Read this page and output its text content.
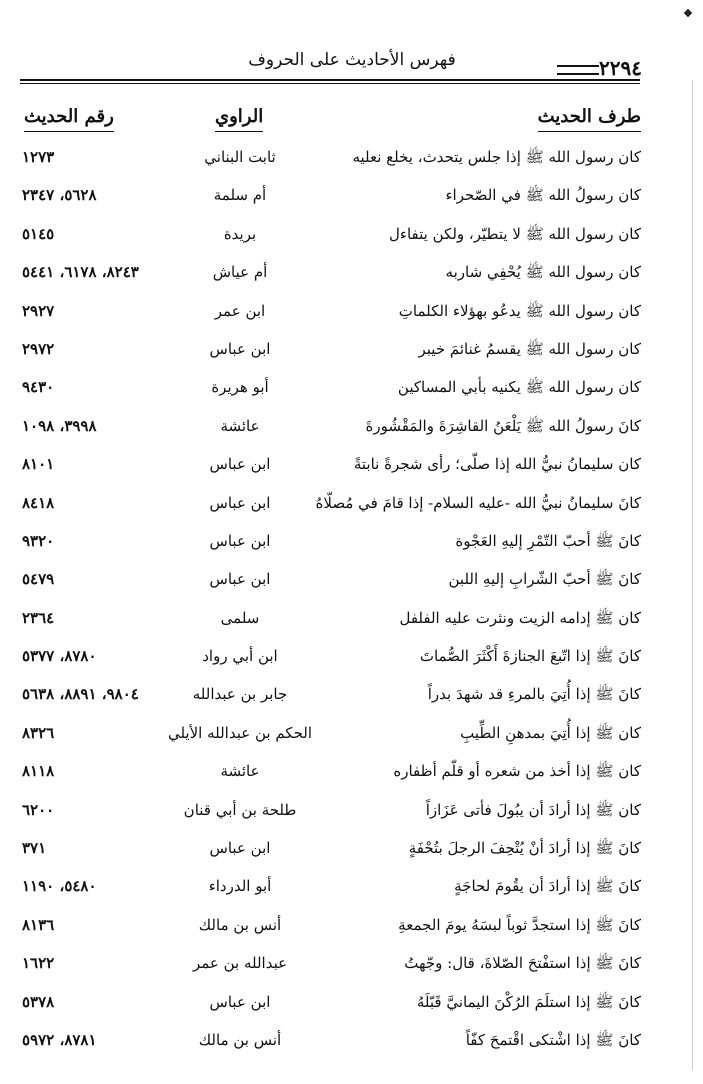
٢٢٩٤
فهرس الأحاديث على الحروف
طرف الحديث
الراوي
رقم الحديث
كان رسول الله ﷺ إذا جلس يتحدث، يخلع نعليه
ثابت البناني
١٢٧٣
كان رسولُ الله ﷺ في الصّحراء
أم سلمة
٥٦٢٨، ٢٣٤٧
كان رسول الله ﷺ لا يتطيّر، ولكن يتفاءل
بريدة
٥١٤٥
كان رسول الله ﷺ يُحْفِي شاربه
أم عياش
٨٢٤٣، ٦١٧٨، ٥٤٤١
كان رسول الله ﷺ يدعُو بهؤلاء الكلماتِ
ابن عمر
٢٩٢٧
كان رسول الله ﷺ يقسمُ غنائمَ خيبر
ابن عباس
٢٩٧٢
كان رسول الله ﷺ يكنيه بأبي المساكين
أبو هريرة
٩٤٣٠
كانَ رسولُ الله ﷺ يَلْعَنُ القاشِرَةَ والمَقْشُورةَ
عائشة
٣٩٩٨، ١٠٩٨
كان سليمانُ نبيُّ الله إذا صلّى؛ رأى شجرةً نابتةً
ابن عباس
٨١٠١
كانَ سليمانُ نبيُّ الله -عليه السلام- إذا قامَ في مُصلّاهُ
ابن عباس
٨٤١٨
كانَ ﷺ أحبّ التّمْرِ إليهِ العَجْوة
ابن عباس
٩٣٢٠
كانَ ﷺ أحبّ الشّرابِ إليهِ اللبن
ابن عباس
٥٤٧٩
كان ﷺ إدامه الزيت ونثرت عليه الفلفل
سلمى
٢٣٦٤
كانَ ﷺ إذا اتّبعَ الجنازةَ أَكْثَرَ الصُّماتَ
ابن أبي رواد
٨٧٨٠، ٥٣٧٧
كانَ ﷺ إذا أُتِيَ بالمرءِ قد شهدَ بدراً
جابر بن عبدالله
٩٨٠٤، ٨٨٩١، ٥٦٣٨
كان ﷺ إذا أُتِيَ بمدهنِ الطِّيبِ
الحكم بن عبدالله الأيلي
٨٣٢٦
كان ﷺ إذا أخذ من شعره أو قلّم أظفاره
عائشة
٨١١٨
كان ﷺ إذا أرادَ أن يبُولَ فأتى عَزَازاً
طلحة بن أبي قنان
٦٢٠٠
كانَ ﷺ إذا أرادَ أنْ يُتْحِفَ الرجلَ بتُحْفَةٍ
ابن عباس
٣٧١
كانَ ﷺ إذا أرادَ أن يقُومَ لحاجَةٍ
أبو الدرداء
٥٤٨٠، ١١٩٠
كانَ ﷺ إذا استجدَّ ثوباً لبسَهُ يومَ الجمعةِ
أنس بن مالك
٨١٣٦
كانَ ﷺ إذا استفْتحَ الصّلاةَ، قال: وجّهتُ
عبدالله بن عمر
١٦٢٢
كانَ ﷺ إذا استلَمَ الرُكْنَ اليمانيَّ قَبّلَهُ
ابن عباس
٥٣٧٨
كانَ ﷺ إذا اشْتكى اقْتمحَ كفّاً
أنس بن مالك
٨٧٨١، ٥٩٧٢
